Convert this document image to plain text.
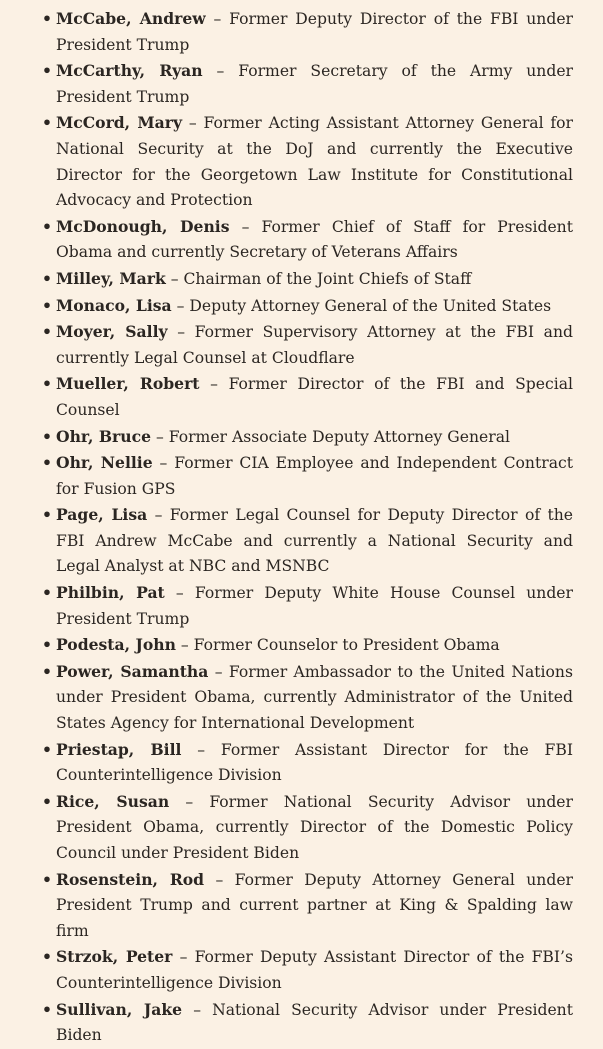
• McCabe, Andrew – Former Deputy Director of the FBI under President Trump
• McCarthy, Ryan – Former Secretary of the Army under President Trump
• McCord, Mary – Former Acting Assistant Attorney General for National Security at the DoJ and currently the Executive Director for the Georgetown Law Institute for Constitutional Advocacy and Protection
• McDonough, Denis – Former Chief of Staff for President Obama and currently Secretary of Veterans Affairs
• Milley, Mark – Chairman of the Joint Chiefs of Staff
• Monaco, Lisa – Deputy Attorney General of the United States
• Moyer, Sally – Former Supervisory Attorney at the FBI and currently Legal Counsel at Cloudflare
• Mueller, Robert – Former Director of the FBI and Special Counsel
• Ohr, Bruce – Former Associate Deputy Attorney General
• Ohr, Nellie – Former CIA Employee and Independent Contract for Fusion GPS
• Page, Lisa – Former Legal Counsel for Deputy Director of the FBI Andrew McCabe and currently a National Security and Legal Analyst at NBC and MSNBC
• Philbin, Pat – Former Deputy White House Counsel under President Trump
• Podesta, John – Former Counselor to President Obama
• Power, Samantha – Former Ambassador to the United Nations under President Obama, currently Administrator of the United States Agency for International Development
• Priestap, Bill – Former Assistant Director for the FBI Counterintelligence Division
• Rice, Susan – Former National Security Advisor under President Obama, currently Director of the Domestic Policy Council under President Biden
• Rosenstein, Rod – Former Deputy Attorney General under President Trump and current partner at King & Spalding law firm
• Strzok, Peter – Former Deputy Assistant Director of the FBI’s Counterintelligence Division
• Sullivan, Jake – National Security Advisor under President Biden
